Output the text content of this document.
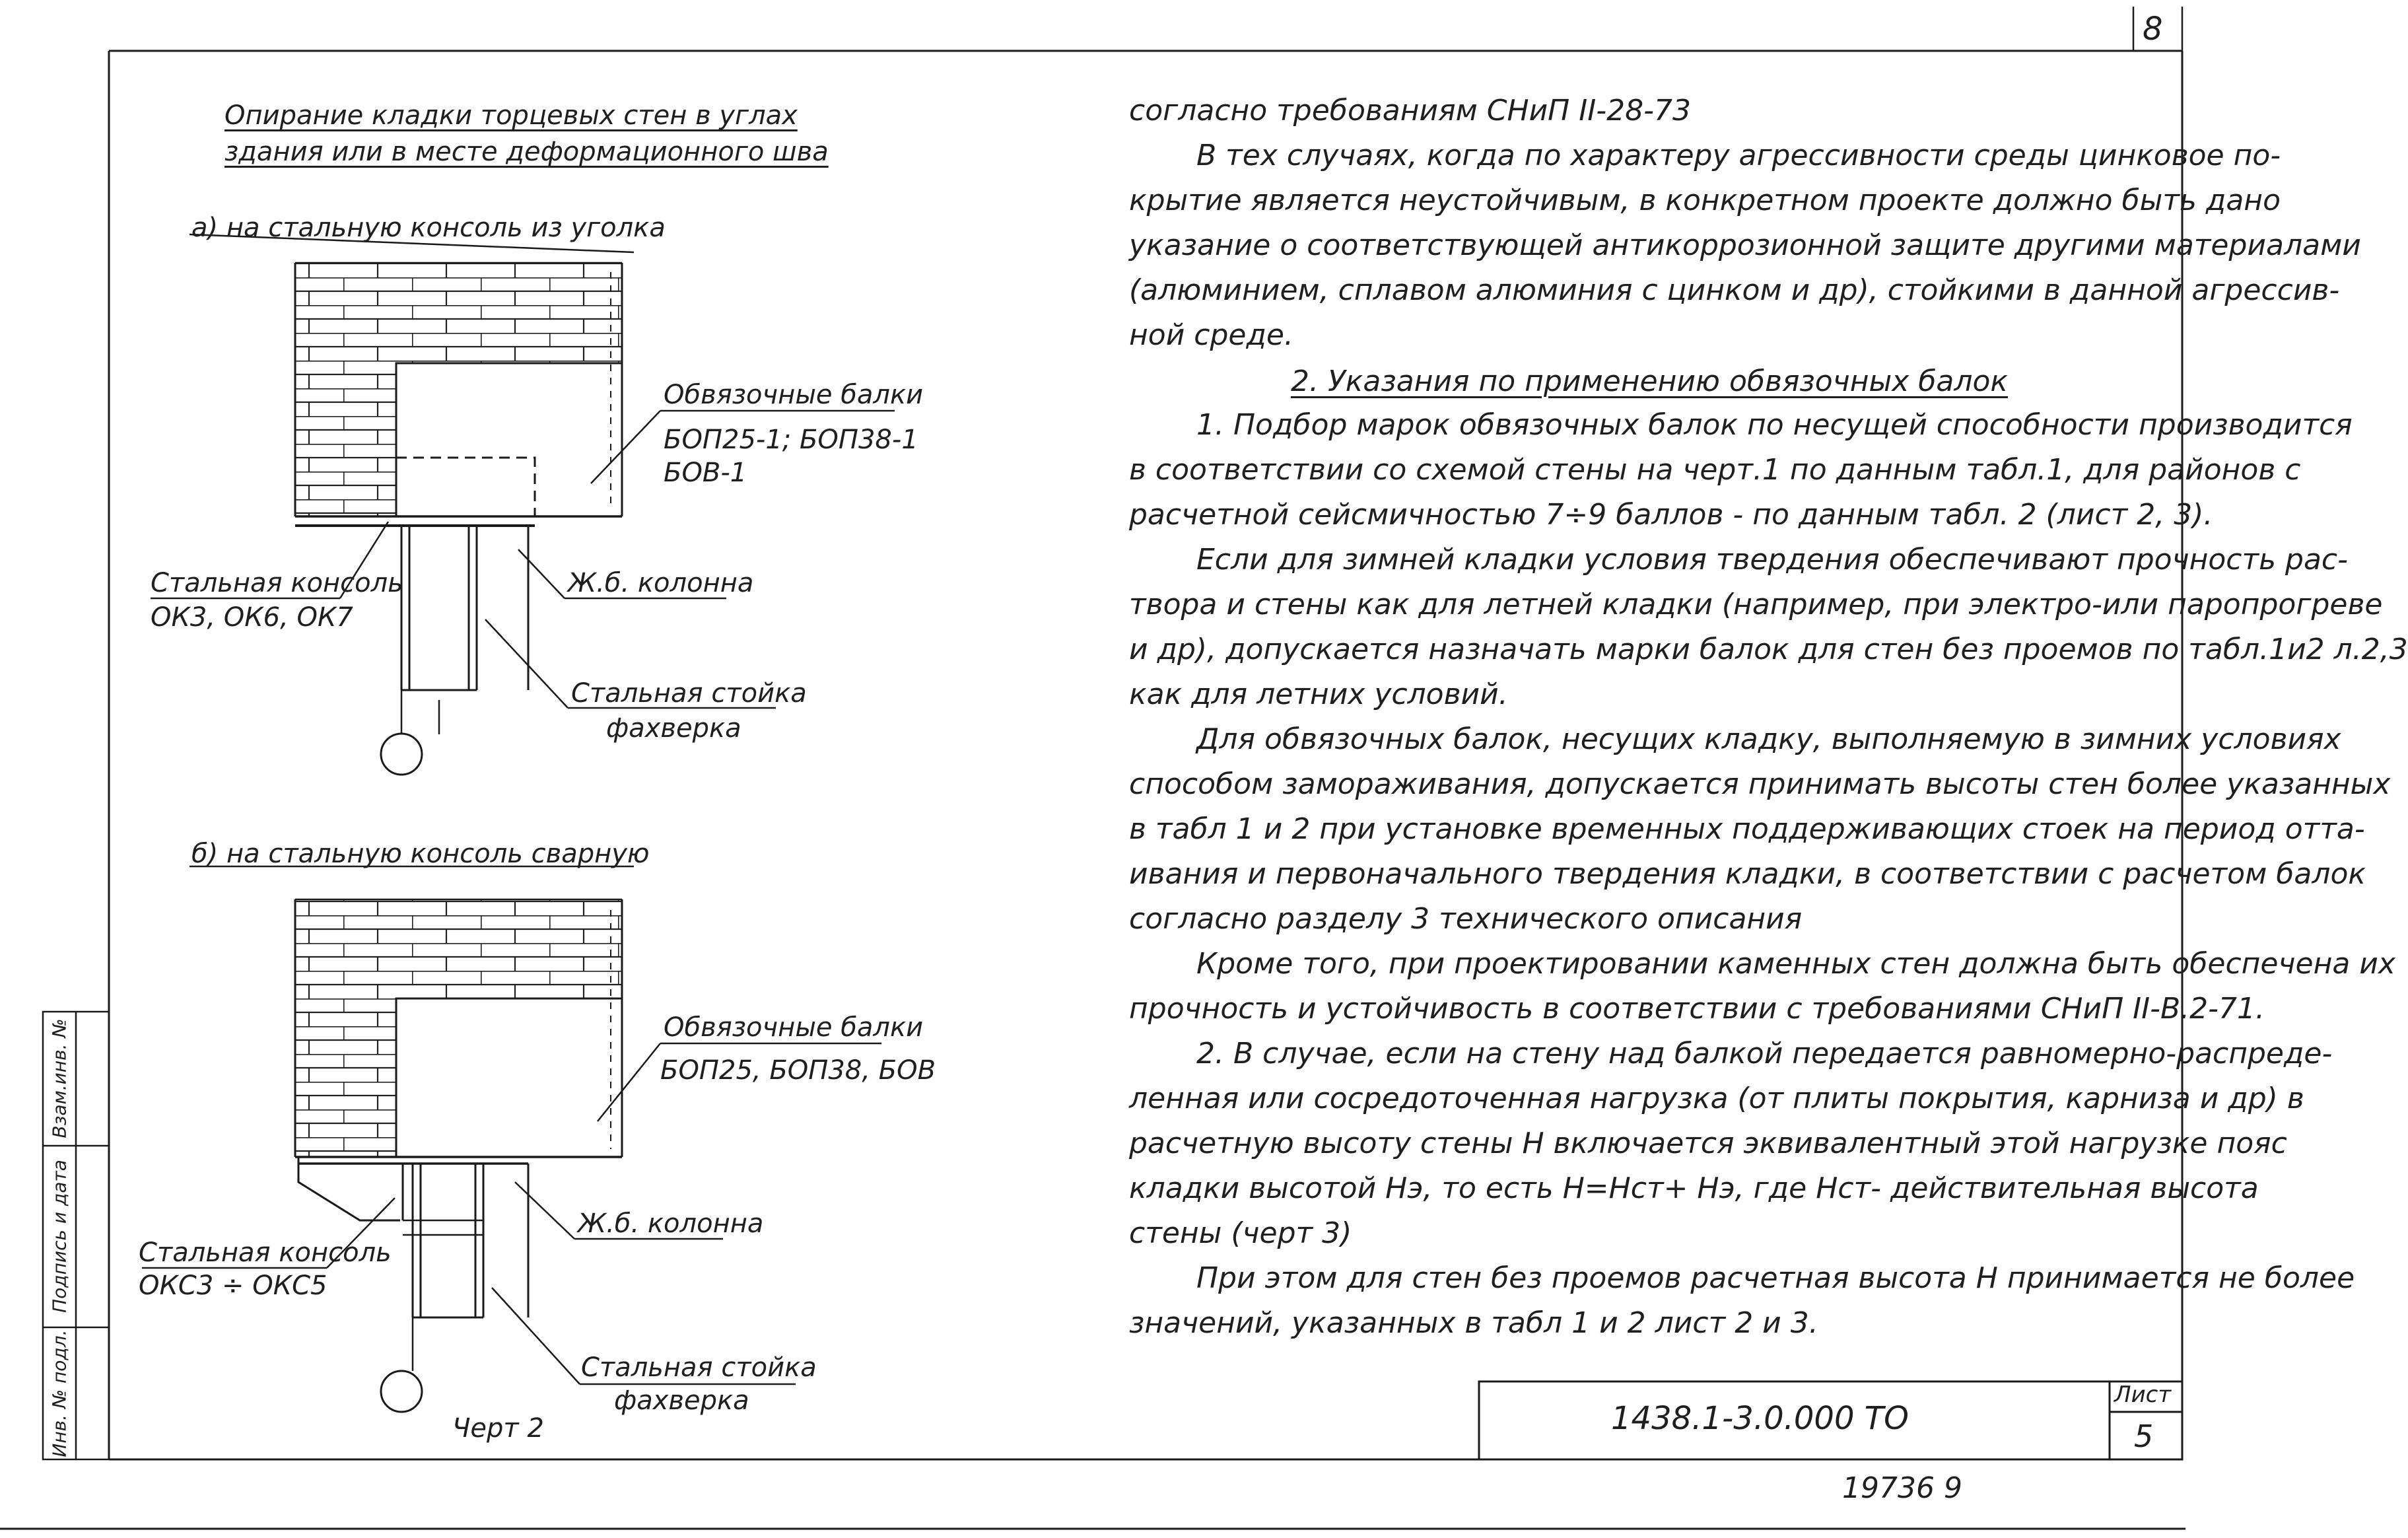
8
Опирание кладки торцевых стен в углах
здания или в месте деформационного шва
а) на стальную консоль из уголка
Обвязочные балки
БОП25-1; БОП38-1
БОВ-1
Стальная консоль
ОК3, ОК6, ОК7
Ж.б. колонна
Стальная стойка
фахверка
б) на стальную консоль сварную
Обвязочные балки
БОП25, БОП38, БОВ
Стальная консоль
ОКС3 ÷ ОКС5
Ж.б. колонна
Стальная стойка
фахверка
Черт 2
согласно требованиям СНиП II-28-73
В тех случаях, когда по характеру агрессивности среды цинковое по-
крытие является неустойчивым, в конкретном проекте должно быть дано
указание о соответствующей антикоррозионной защите другими материалами
(алюминием, сплавом алюминия с цинком и др), стойкими в данной агрессив-
ной среде.
2. Указания по применению обвязочных балок
1. Подбор марок обвязочных балок по несущей способности производится
в соответствии со схемой стены на черт.1 по данным табл.1, для районов с
расчетной сейсмичностью 7÷9 баллов - по данным табл. 2 (лист 2, 3).
Если для зимней кладки условия твердения обеспечивают прочность рас-
твора и стены как для летней кладки (например, при электро-или паропрогреве
и др), допускается назначать марки балок для стен без проемов по табл.1и2 л.2,3
как для летних условий.
Для обвязочных балок, несущих кладку, выполняемую в зимних условиях
способом замораживания, допускается принимать высоты стен более указанных
в табл 1 и 2 при установке временных поддерживающих стоек на период отта-
ивания и первоначального твердения кладки, в соответствии с расчетом балок
согласно разделу 3 технического описания
Кроме того, при проектировании каменных стен должна быть обеспечена их
прочность и устойчивость в соответствии с требованиями СНиП II-В.2-71.
2. В случае, если на стену над балкой передается равномерно-распреде-
ленная или сосредоточенная нагрузка (от плиты покрытия, карниза и др) в
расчетную высоту стены Н включается эквивалентный этой нагрузке пояс
кладки высотой Нэ, то есть Н=Нст+ Нэ, где Нст- действительная высота
стены (черт 3)
При этом для стен без проемов расчетная высота Н принимается не более
значений, указанных в табл 1 и 2 лист 2 и 3.
1438.1-3.0.000 ТО
Лист
5
Взам.инв. №
Подпись и дата
Инв. № подл.
19736 9
